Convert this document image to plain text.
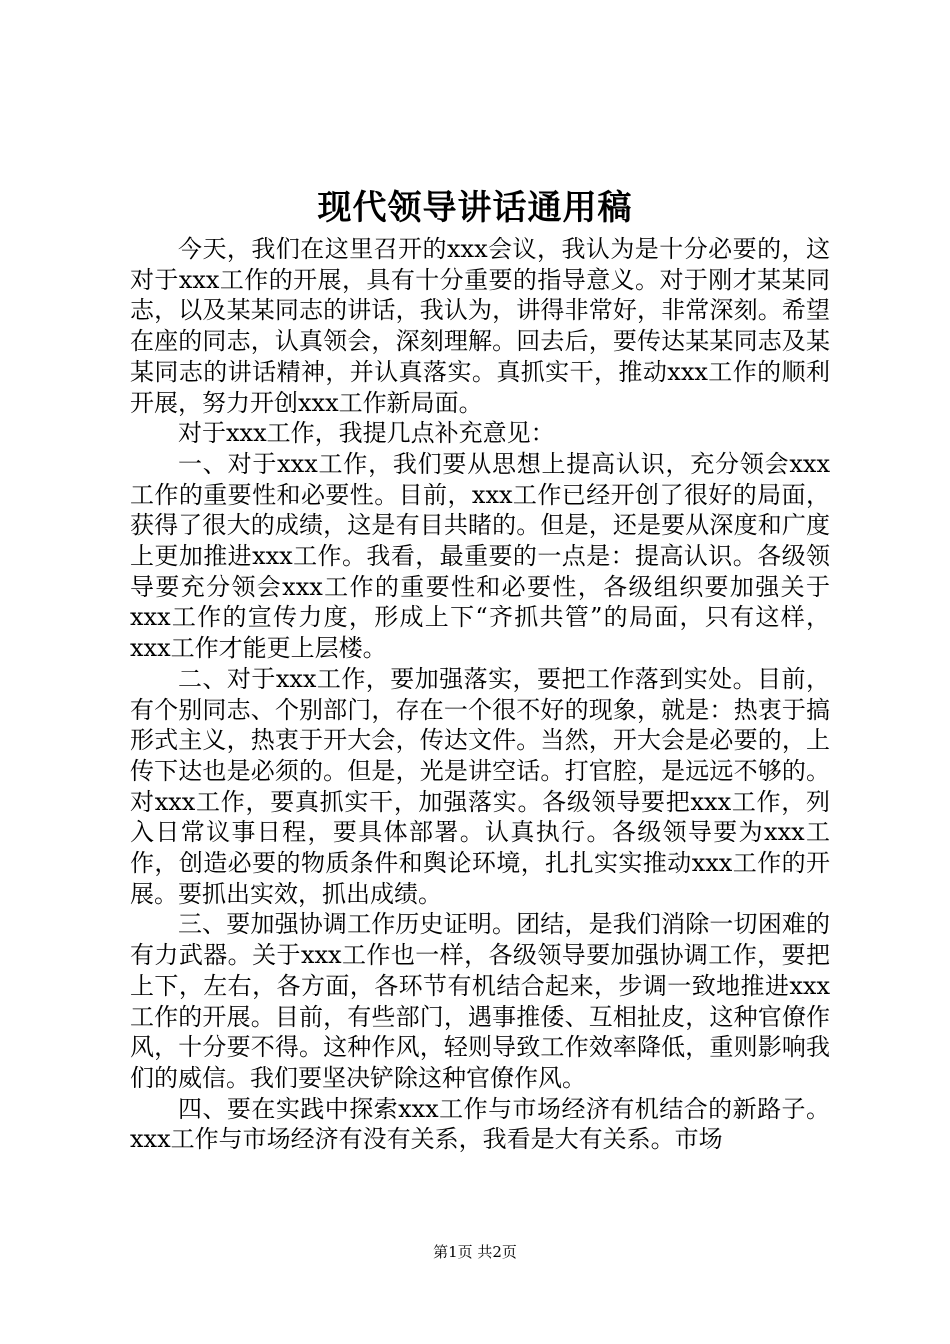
现代领导讲话通用稿

今天，我们在这里召开的xxx会议，我认为是十分必要的，这对于xxx工作的开展，具有十分重要的指导意义。对于刚才某某同志，以及某某同志的讲话，我认为，讲得非常好，非常深刻。希望在座的同志，认真领会，深刻理解。回去后，要传达某某同志及某某同志的讲话精神，并认真落实。真抓实干，推动xxx工作的顺利开展，努力开创xxx工作新局面。

对于xxx工作，我提几点补充意见：

一、对于xxx工作，我们要从思想上提高认识，充分领会xxx工作的重要性和必要性。目前，xxx工作已经开创了很好的局面，获得了很大的成绩，这是有目共睹的。但是，还是要从深度和广度上更加推进xxx工作。我看，最重要的一点是：提高认识。各级领导要充分领会xxx工作的重要性和必要性，各级组织要加强关于xxx工作的宣传力度，形成上下“齐抓共管”的局面，只有这样，xxx工作才能更上层楼。

二、对于xxx工作，要加强落实，要把工作落到实处。目前，有个别同志、个别部门，存在一个很不好的现象，就是：热衷于搞形式主义，热衷于开大会，传达文件。当然，开大会是必要的，上传下达也是必须的。但是，光是讲空话。打官腔，是远远不够的。对xxx工作，要真抓实干，加强落实。各级领导要把xxx工作，列入日常议事日程，要具体部署。认真执行。各级领导要为xxx工作，创造必要的物质条件和舆论环境，扎扎实实推动xxx工作的开展。要抓出实效，抓出成绩。

三、要加强协调工作历史证明。团结，是我们消除一切困难的有力武器。关于xxx工作也一样，各级领导要加强协调工作，要把上下，左右，各方面，各环节有机结合起来，步调一致地推进xxx工作的开展。目前，有些部门，遇事推倭、互相扯皮，这种官僚作风，十分要不得。这种作风，轻则导致工作效率降低，重则影响我们的威信。我们要坚决铲除这种官僚作风。

四、要在实践中探索xxx工作与市场经济有机结合的新路子。xxx工作与市场经济有没有关系，我看是大有关系。市场

第1页 共2页
